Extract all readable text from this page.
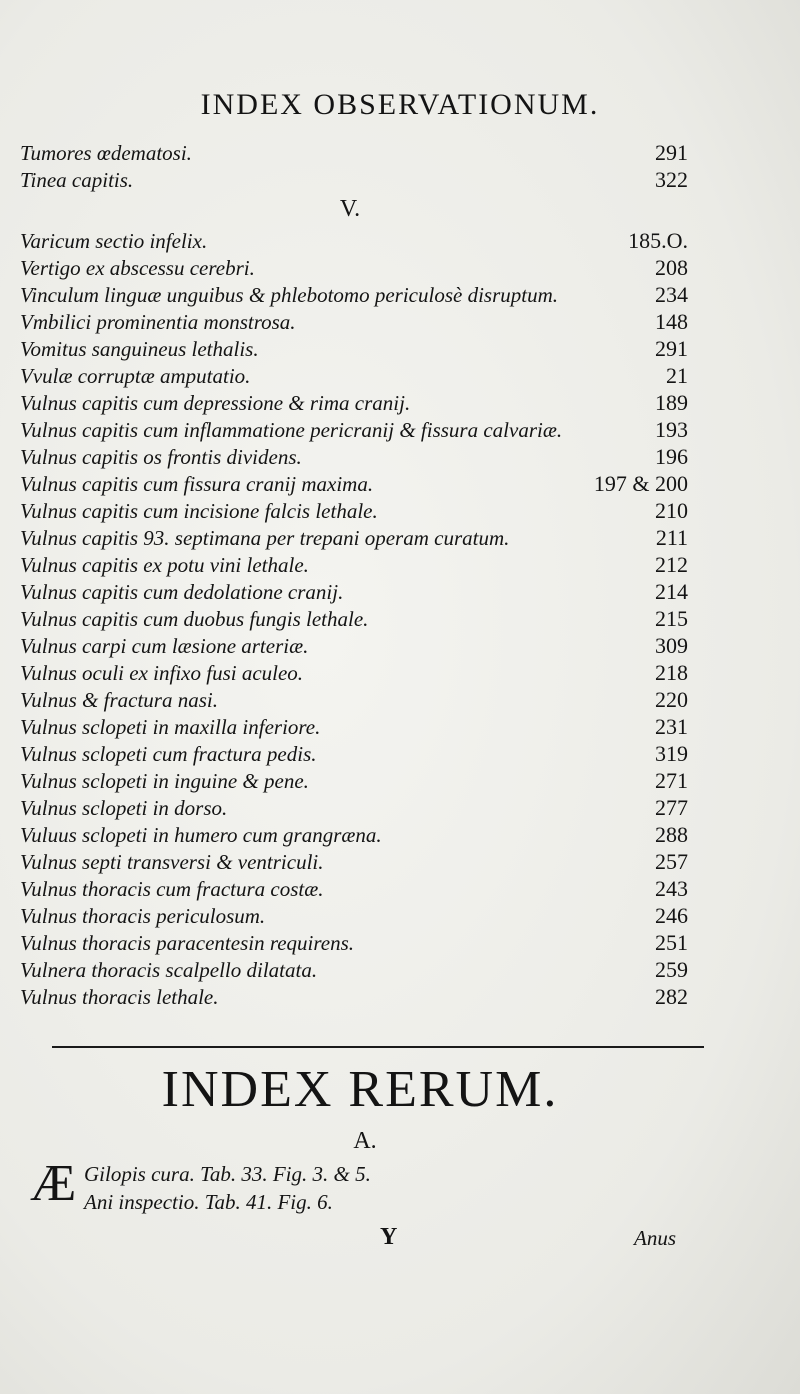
INDEX OBSERVATIONUM.
Tumores œdematosi.	291
Tinea capitis.	322
V.
Varicum sectio infelix.	185.O.
Vertigo ex abscessu cerebri.	208
Vinculum linguæ unguibus & phlebotomo periculosè disruptum.	234
Vmbilici prominentia monstrosa.	148
Vomitus sanguineus lethalis.	291
Vvulæ corruptæ amputatio.	21
Vulnus capitis cum depressione & rima cranij.	189
Vulnus capitis cum inflammatione pericranij & fissura calvariæ.	193
Vulnus capitis os frontis dividens.	196
Vulnus capitis cum fissura cranij maxima.	197 & 200
Vulnus capitis cum incisione falcis lethale.	210
Vulnus capitis 93. septimana per trepani operam curatum.	211
Vulnus capitis ex potu vini lethale.	212
Vulnus capitis cum dedolatione cranij.	214
Vulnus capitis cum duobus fungis lethale.	215
Vulnus carpi cum læsione arteriæ.	309
Vulnus oculi ex infixo fusi aculeo.	218
Vulnus & fractura nasi.	220
Vulnus sclopeti in maxilla inferiore.	231
Vulnus sclopeti cum fractura pedis.	319
Vulnus sclopeti in inguine & pene.	271
Vulnus sclopeti in dorso.	277
Vuluus sclopeti in humero cum grangræna.	288
Vulnus septi transversi & ventriculi.	257
Vulnus thoracis cum fractura costæ.	243
Vulnus thoracis periculosum.	246
Vulnus thoracis paracentesin requirens.	251
Vulnera thoracis scalpello dilatata.	259
Vulnus thoracis lethale.	282
INDEX RERUM.
A.
Æ Gilopis cura. Tab. 33. Fig. 3. & 5.
Ani inspectio. Tab. 41. Fig. 6.
Y	Anus
